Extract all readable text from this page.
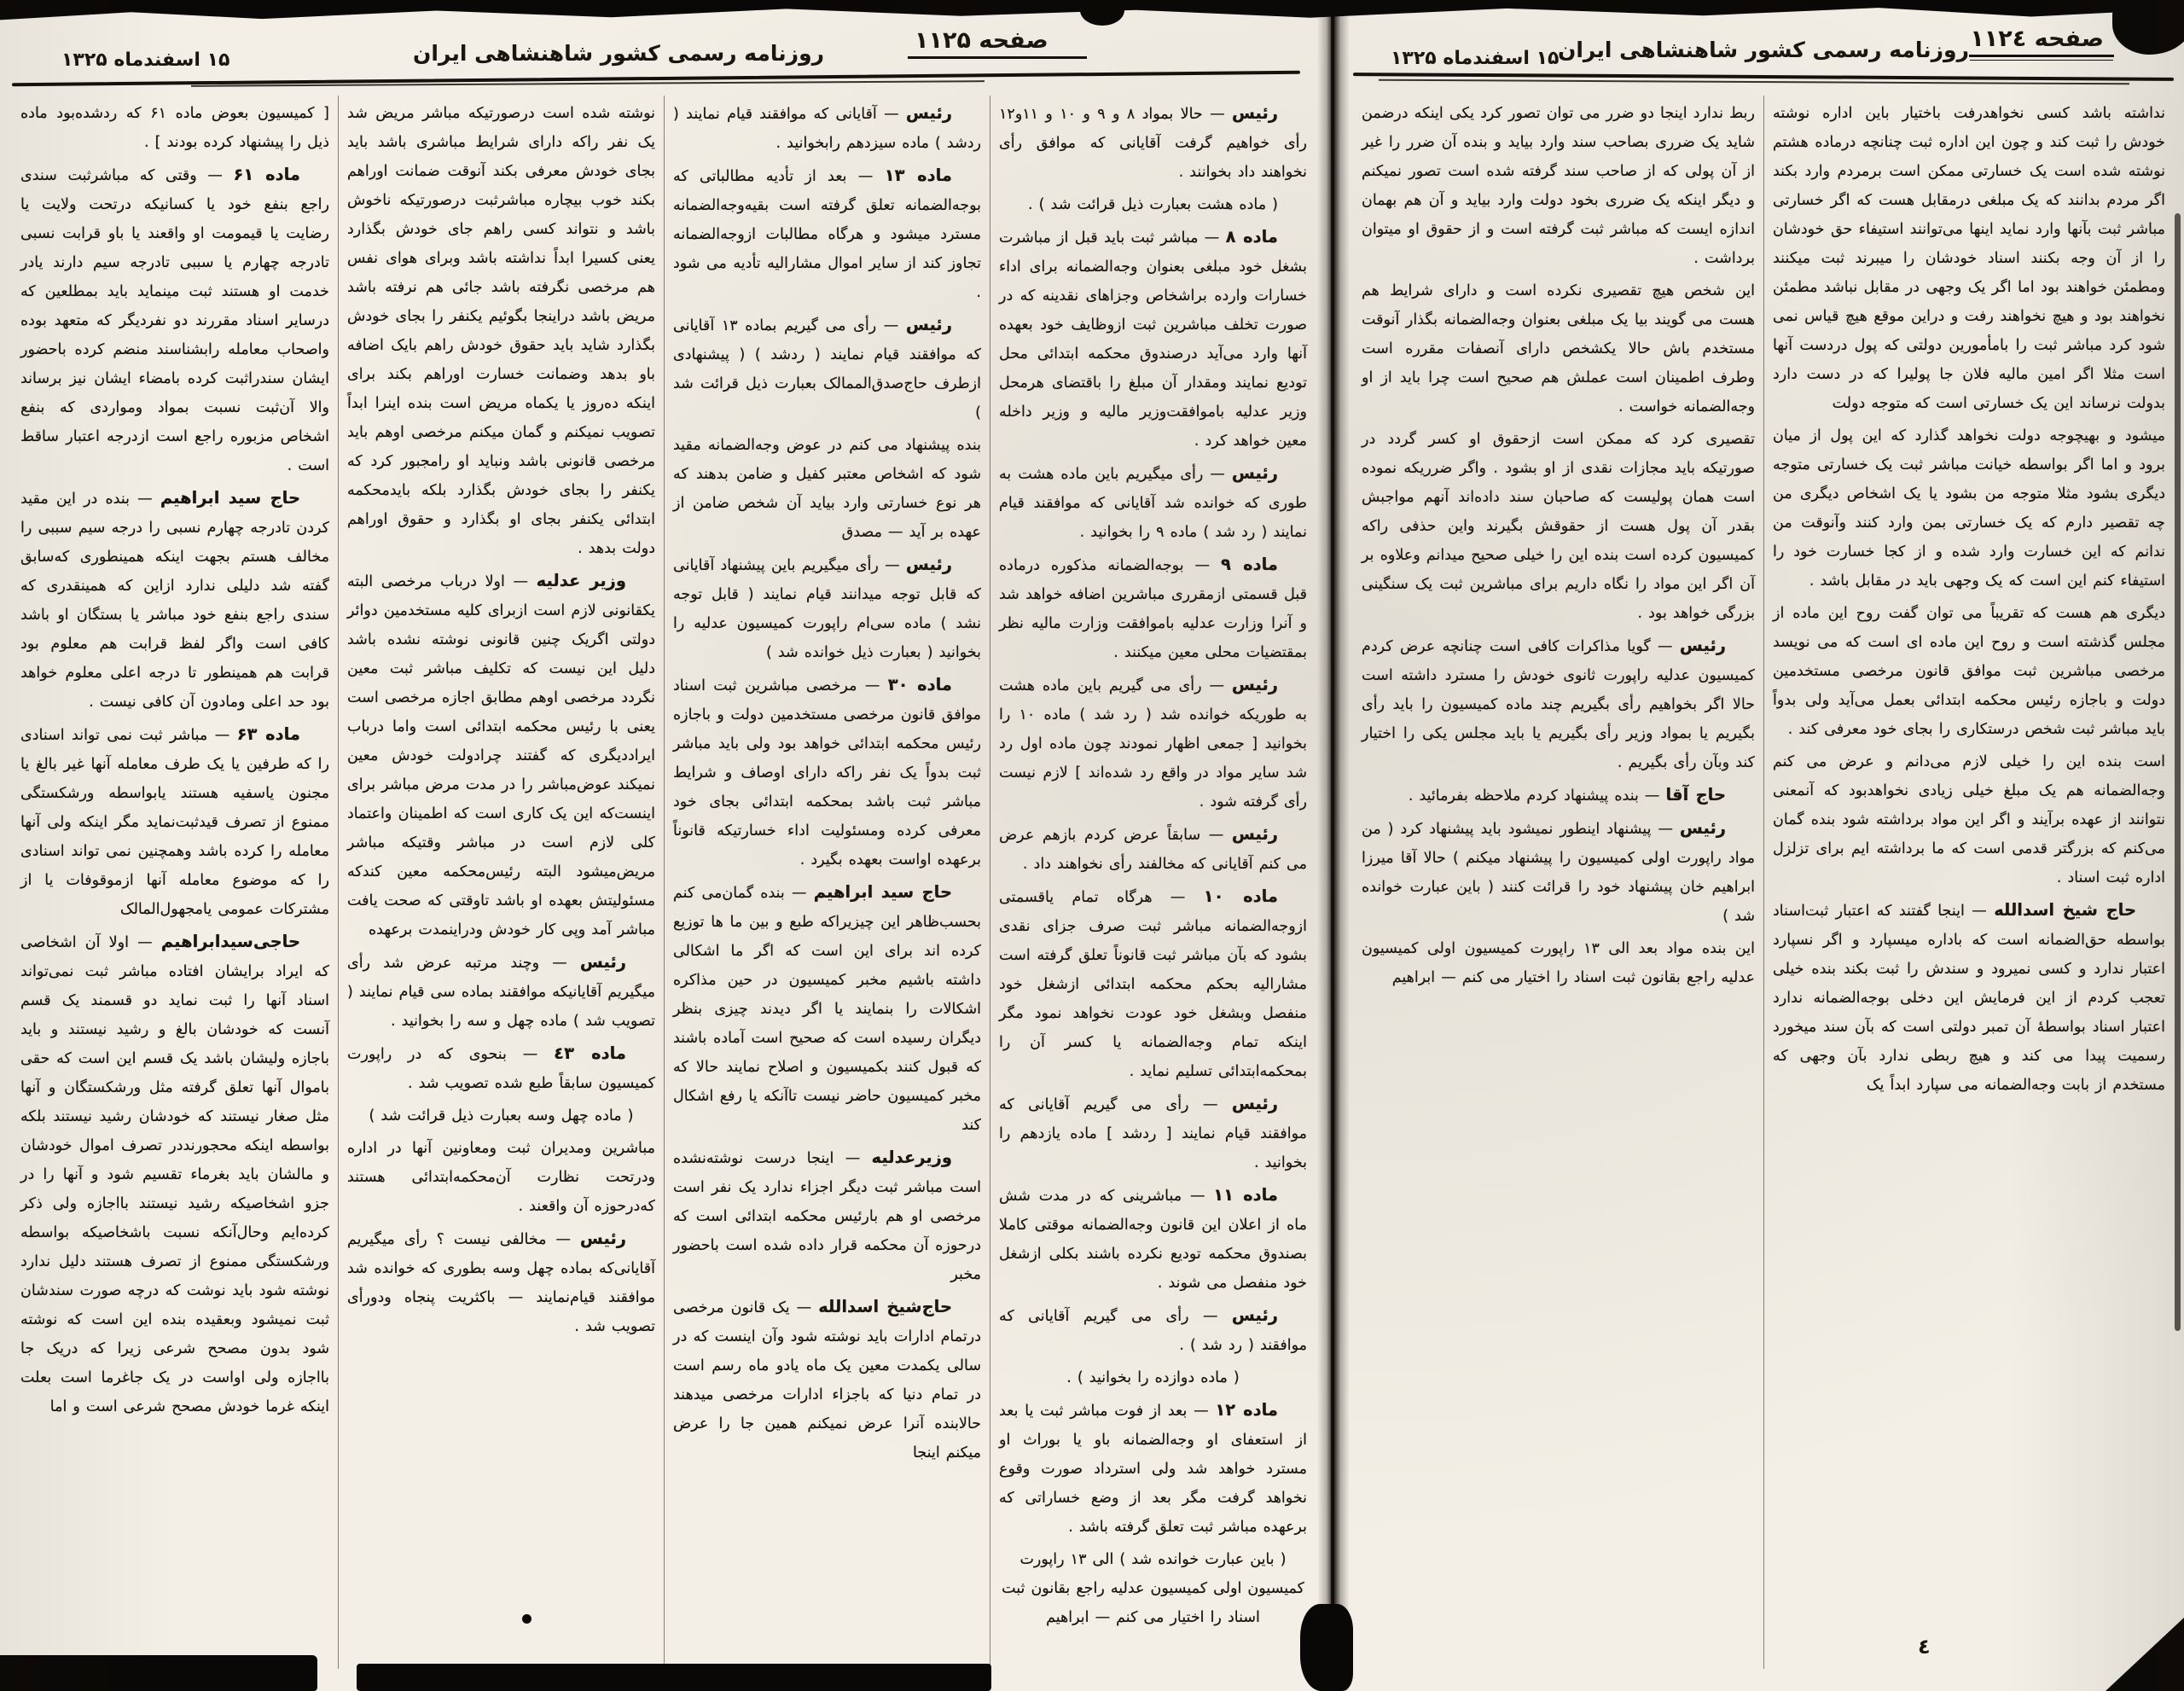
صفحه ۱۱۲٤
روزنامه رسمی کشور شاهنشاهی ایران
۱۵ اسفندماه ۱۳۲۵

نداشته باشد کسی نخواهدرفت باختیار باین اداره نوشته خودش را ثبت کند و چون این اداره ثبت چنانچه درماده هشتم نوشته شده است یک خسارتی ممکن است برمردم وارد بکند اگر مردم بدانند که یک مبلغی درمقابل هست که اگر خسارتی مباشر ثبت بآنها وارد نماید اینها می‌توانند استیفاء حق خودشان را از آن وجه بکنند اسناد خودشان را میبرند ثبت میکنند ومطمئن خواهند بود اما اگر یک وجهی در مقابل نباشد مطمئن نخواهند بود و هیچ نخواهند رفت و دراین موقع هیچ قیاس نمی شود کرد مباشر ثبت را بامأمورین دولتی که پول دردست آنها است مثلا اگر امین مالیه فلان جا پولیرا که در دست دارد بدولت نرساند این یک خسارتی است که متوجه دولت

میشود و بهیچوجه دولت نخواهد گذارد که این پول از میان برود و اما اگر بواسطه خیانت مباشر ثبت یک خسارتی متوجه دیگری بشود مثلا متوجه من بشود یا یک اشخاص دیگری من چه تقصیر دارم که یک خسارتی بمن وارد کنند وآنوقت من ندانم که این خسارت وارد شده و از کجا خسارت خود را استیفاء کنم این است که یک وجهی باید در مقابل باشد .

دیگری هم هست که تقریباً می توان گفت روح این ماده از مجلس گذشته است و روح این ماده ای است که می نویسد مرخصی مباشرین ثبت موافق قانون مرخصی مستخدمین دولت و باجازه رئیس محکمه ابتدائی بعمل می‌آید ولی بدواً باید مباشر ثبت شخص درستکاری را بجای خود معرفی کند .

است بنده این را خیلی لازم می‌دانم و عرض می کنم وجه‌الضمانه هم یک مبلغ خیلی زیادی نخواهدبود که آنمعنی نتوانند از عهده برآیند و اگر این مواد برداشته شود بنده گمان می‌کنم که بزرگتر قدمی است که ما برداشته ایم برای تزلزل اداره ثبت اسناد .

حاج شیخ اسدالله — اینجا گفتند که اعتبار ثبت‌اسناد بواسطه حق‌الضمانه است که باداره میسپارد و اگر نسپارد اعتبار ندارد و کسی نمیرود و سندش را ثبت بکند بنده خیلی تعجب کردم از این فرمایش این دخلی بوجه‌الضمانه ندارد اعتبار اسناد بواسطهٔ آن تمبر دولتی است که بآن سند میخورد رسمیت پیدا می کند و هیچ ربطی ندارد بآن وجهی که مستخدم از بابت وجه‌الضمانه می سپارد ابداً یک

ربط ندارد اینجا دو ضرر می توان تصور کرد یکی اینکه درضمن شاید یک ضرری بصاحب سند وارد بیاید و بنده آن ضرر را غیر از آن پولی که از صاحب سند گرفته شده است تصور نمیکنم و دیگر اینکه یک ضرری بخود دولت وارد بیاید و آن هم بهمان اندازه ایست که مباشر ثبت گرفته است و از حقوق او میتوان برداشت .

این شخص هیچ تقصیری نکرده است و دارای شرایط هم هست می گویند بیا یک مبلغی بعنوان وجه‌الضمانه بگذار آنوقت مستخدم باش حالا یکشخص دارای آنصفات مقرره است وطرف اطمینان است عملش هم صحیح است چرا باید از او وجه‌الضمانه خواست .

تقصیری کرد که ممکن است ازحقوق او کسر گردد در صورتیکه باید مجازات نقدی از او بشود . واگر ضرریکه نموده است همان پولیست که صاحبان سند داده‌اند آنهم مواجبش بقدر آن پول هست از حقوقش بگیرند واین حذفی راکه کمیسیون کرده است بنده این را خیلی صحیح میدانم وعلاوه بر آن اگر این مواد را نگاه داریم برای مباشرین ثبت یک سنگینی بزرگی خواهد بود .

رئیس — گویا مذاکرات کافی است چنانچه عرض کردم کمیسیون عدلیه راپورت ثانوی خودش را مسترد داشته است حالا اگر بخواهیم رأی بگیریم چند ماده کمیسیون را باید رأی بگیریم یا بمواد وزیر رأی بگیریم یا باید مجلس یکی را اختیار کند وبآن رأی بگیریم .

حاج آقا — بنده پیشنهاد کردم ملاحظه بفرمائید .

رئیس — پیشنهاد اینطور نمیشود باید پیشنهاد کرد ( من مواد راپورت اولی کمیسیون را پیشنهاد میکنم ) حالا آقا میرزا ابراهیم خان پیشنهاد خود را قرائت کنند ( باین عبارت خوانده شد )

این بنده مواد بعد الی ۱۳ راپورت کمیسیون اولی کمیسیون عدلیه راجع بقانون ثبت اسناد را اختیار می کنم — ابراهیم

صفحه ۱۱۲۵
روزنامه رسمی کشور شاهنشاهی ایران
۱۵ اسفندماه ۱۳۲۵

رئیس — حالا بمواد ۸ و ۹ و ۱۰ و ۱۱و۱۲ رأی خواهیم گرفت آقایانی که موافق رأی نخواهند داد بخوانند .

( ماده هشت بعبارت ذیل قرائت شد ) .

ماده ۸ — مباشر ثبت باید قبل از مباشرت بشغل خود مبلغی بعنوان وجه‌الضمانه برای اداء خسارات وارده براشخاص وجزاهای نقدینه که در صورت تخلف مباشرین ثبت ازوظایف خود بعهده آنها وارد می‌آید درصندوق محکمه ابتدائی محل تودیع نمایند ومقدار آن مبلغ را باقتضای هرمحل وزیر عدلیه باموافقت‌وزیر مالیه و وزیر داخله معین خواهد کرد .

رئیس — رأی میگیریم باین ماده هشت به طوری که خوانده شد آقایانی که موافقند قیام نمایند ( رد شد ) ماده ۹ را بخوانید .

ماده ۹ — بوجه‌الضمانه مذکوره درماده قبل قسمتی ازمقرری مباشرین اضافه خواهد شد و آنرا وزارت عدلیه باموافقت وزارت مالیه نظر بمقتضیات محلی معین میکنند .

رئیس — رأی می گیریم باین ماده هشت به طوریکه خوانده شد ( رد شد ) ماده ۱۰ را بخوانید [ جمعی اظهار نمودند چون ماده اول رد شد سایر مواد در واقع رد شده‌اند ] لازم نیست رأی گرفته شود .

رئیس — سابقاً عرض کردم بازهم عرض می کنم آقایانی که مخالفند رأی نخواهند داد .

ماده ۱۰ — هرگاه تمام یاقسمتی ازوجه‌الضمانه مباشر ثبت صرف جزای نقدی بشود که بآن مباشر ثبت قانوناً تعلق گرفته است مشارالیه بحکم محکمه ابتدائی ازشغل خود منفصل وبشغل خود عودت نخواهد نمود مگر اینکه تمام وجه‌الضمانه یا کسر آن را بمحکمه‌ابتدائی تسلیم نماید .

رئیس — رأی می گیریم آقایانی که موافقند قیام نمایند [ ردشد ] ماده یازدهم را بخوانید .

ماده ۱۱ — مباشرینی که در مدت شش ماه از اعلان این قانون وجه‌الضمانه موقتی کاملا بصندوق محکمه تودیع نکرده باشند بکلی ازشغل خود منفصل می شوند .

رئیس — رأی می گیریم آقایانی که موافقند ( رد شد ) .

( ماده دوازده را بخوانید ) .

ماده ۱۲ — بعد از فوت مباشر ثبت یا بعد از استعفای او وجه‌الضمانه باو یا بوراث او مسترد خواهد شد ولی استرداد صورت وقوع نخواهد گرفت مگر بعد از وضع خساراتی که برعهده مباشر ثبت تعلق گرفته باشد .

( باین عبارت خوانده شد ) الی ۱۳ راپورت کمیسیون اولی کمیسیون عدلیه راجع بقانون ثبت اسناد را اختیار می کنم — ابراهیم

رئیس — آقایانی که موافقند قیام نمایند ( ردشد ) ماده سیزدهم رابخوانید .

ماده ۱۳ — بعد از تأدیه مطالباتی که بوجه‌الضمانه تعلق گرفته است بقیه‌وجه‌الضمانه مسترد میشود و هرگاه مطالبات ازوجه‌الضمانه تجاوز کند از سایر اموال مشارالیه تأدیه می شود .

رئیس — رأی می گیریم بماده ۱۳ آقایانی که موافقند قیام نمایند ( ردشد ) ( پیشنهادی ازطرف حاج‌صدق‌الممالک بعبارت ذیل قرائت شد )

بنده پیشنهاد می کنم در عوض وجه‌الضمانه مقید شود که اشخاص معتبر کفیل و ضامن بدهند که هر نوع خسارتی وارد بیاید آن شخص ضامن از عهده بر آید — مصدق

رئیس — رأی میگیریم باین پیشنهاد آقایانی که قابل توجه میدانند قیام نمایند ( قابل توجه نشد ) ماده سی‌ام راپورت کمیسیون عدلیه را بخوانید ( بعبارت ذیل خوانده شد )

ماده ۳۰ — مرخصی مباشرین ثبت اسناد موافق قانون مرخصی مستخدمین دولت و باجازه رئیس محکمه ابتدائی خواهد بود ولی باید مباشر ثبت بدواً یک نفر راکه دارای اوصاف و شرایط مباشر ثبت باشد بمحکمه ابتدائی بجای خود معرفی کرده ومسئولیت اداء خسارتیکه قانوناً برعهده اواست بعهده بگیرد .

حاج سید ابراهیم — بنده گمان‌می کنم بحسب‌ظاهر این چیزیراکه طبع و بین ما ها توزیع کرده اند برای این است که اگر ما اشکالی داشته باشیم مخبر کمیسیون در حین مذاکره اشکالات را بنمایند یا اگر دیدند چیزی بنظر دیگران رسیده است که صحیح است آماده باشند که قبول کنند بکمیسیون و اصلاح نمایند حالا که مخبر کمیسیون حاضر نیست تاآنکه یا رفع اشکال کند

وزیرعدلیه — اینجا درست نوشته‌نشده است مباشر ثبت دیگر اجزاء ندارد یک نفر است مرخصی او هم بارئیس محکمه ابتدائی است که درحوزه آن محکمه قرار داده شده است باحضور مخبر

حاج‌شیخ اسدالله — یک قانون مرخصی درتمام ادارات باید نوشته شود وآن اینست که در سالی یکمدت معین یک ماه یادو ماه رسم است در تمام دنیا که باجزاء ادارات مرخصی میدهند حالابنده آنرا عرض نمیکنم همین جا را عرض میکنم اینجا

نوشته شده است درصورتیکه مباشر مریض شد یک نفر راکه دارای شرایط مباشری باشد باید بجای خودش معرفی بکند آنوقت ضمانت اوراهم بکند خوب بیچاره مباشرثبت درصورتیکه ناخوش باشد و نتواند کسی راهم جای خودش بگذارد یعنی کسیرا ابداً نداشته باشد وبرای هوای نفس هم مرخصی نگرفته باشد جائی هم نرفته باشد مریض باشد دراینجا بگوئیم یکنفر را بجای خودش بگذارد شاید باید حقوق خودش راهم بایک اضافه باو بدهد وضمانت خسارت اوراهم بکند برای اینکه ده‌روز یا یکماه مریض است بنده اینرا ابداً تصویب نمیکنم و گمان میکنم مرخصی اوهم باید مرخصی قانونی باشد ونباید او رامجبور کرد که یکنفر را بجای خودش بگذارد بلکه بایدمحکمه ابتدائی یکنفر بجای او بگذارد و حقوق اوراهم دولت بدهد .

وزیر عدلیه — اولا درباب مرخصی البته یکقانونی لازم است ازبرای کلیه مستخدمین دوائر دولتی اگریک چنین قانونی نوشته نشده باشد دلیل این نیست که تکلیف مباشر ثبت معین نگردد مرخصی اوهم مطابق اجازه مرخصی است یعنی با رئیس محکمه ابتدائی است واما درباب ایراددیگری که گفتند چرادولت خودش معین نمیکند عوض‌مباشر را در مدت مرض مباشر برای اینست‌که این یک کاری است که اطمینان واعتماد کلی لازم است در مباشر وقتیکه مباشر مریض‌میشود البته رئیس‌محکمه معین کندکه مسئولیتش بعهده او باشد تاوقتی که صحت یافت مباشر آمد وپی کار خودش ودراینمدت برعهده

رئیس — وچند مرتبه عرض شد رأی میگیریم آقایانیکه موافقند بماده سی قیام نمایند ( تصویب شد ) ماده چهل و سه را بخوانید .

ماده ٤۳ — بنحوی که در راپورت کمیسیون سابقاً طبع شده تصویب شد .

( ماده چهل وسه بعبارت ذیل قرائت شد )

مباشرین ومدیران ثبت ومعاونین آنها در اداره ودرتحت نظارت آن‌محکمه‌ابتدائی هستند که‌درحوزه آن واقعند .

رئیس — مخالفی نیست ؟ رأی میگیریم آقایانی‌که بماده چهل وسه بطوری که خوانده شد موافقند قیام‌نمایند — باکثریت پنجاه ودورأی تصویب شد .

[ کمیسیون بعوض ماده ۶۱ که ردشده‌بود ماده ذیل را پیشنهاد کرده بودند ] .

ماده ۶۱ — وقتی که مباشرثبت سندی راجع بنفع خود یا کسانیکه درتحت ولایت یا رضایت یا قیمومت او واقعند یا باو قرابت نسبی تادرجه چهارم یا سببی تادرجه سیم دارند یادر خدمت او هستند ثبت مینماید باید بمطلعین که درسایر اسناد مقررند دو نفردیگر که متعهد بوده واصحاب معامله رابشناسند منضم کرده باحضور ایشان سندراثبت کرده بامضاء ایشان نیز برساند والا آن‌ثبت نسبت بمواد ومواردی که بنفع اشخاص مزبوره راجع است ازدرجه اعتبار ساقط است .

حاج سید ابراهیم — بنده در این مقید کردن تادرجه چهارم نسبی را درجه سیم سببی را مخالف هستم بجهت اینکه همینطوری که‌سابق گفته شد دلیلی ندارد ازاین که همینقدری که سندی راجع بنفع خود مباشر یا بستگان او باشد کافی است واگر لفظ قرابت هم معلوم بود قرابت هم همینطور تا درجه اعلی معلوم خواهد بود حد اعلی ومادون آن کافی نیست .

ماده ۶۳ — مباشر ثبت نمی تواند اسنادی را که طرفین یا یک طرف معامله آنها غیر بالغ یا مجنون یاسفیه هستند یابواسطه ورشکستگی ممنوع از تصرف قیدثبت‌نماید مگر اینکه ولی آنها معامله را کرده باشد وهمچنین نمی تواند اسنادی را که موضوع معامله آنها ازموقوفات یا از مشترکات عمومی یامجهول‌المالک

حاجی‌سیدابراهیم — اولا آن اشخاصی که ایراد برایشان افتاده مباشر ثبت نمی‌تواند اسناد آنها را ثبت نماید دو قسمند یک قسم آنست که خودشان بالغ و رشید نیستند و باید باجازه ولیشان باشد یک قسم این است که حقی باموال آنها تعلق گرفته مثل ورشکستگان و آنها مثل صغار نیستند که خودشان رشید نیستند بلکه بواسطه اینکه محجورنددر تصرف اموال خودشان و مالشان باید بغرماء تقسیم شود و آنها را در جزو اشخاصیکه رشید نیستند بااجازه ولی ذکر کرده‌ایم وحال‌آنکه نسبت باشخاصیکه بواسطه ورشکستگی ممنوع از تصرف هستند دلیل ندارد نوشته شود باید نوشت که درچه صورت سندشان ثبت نمیشود وبعقیده بنده این است که نوشته شود بدون مصحح شرعی زیرا که دریک جا بااجازه ولی اواست در یک جاغرما است بعلت اینکه غرما خودش مصحح شرعی است و اما

٤
